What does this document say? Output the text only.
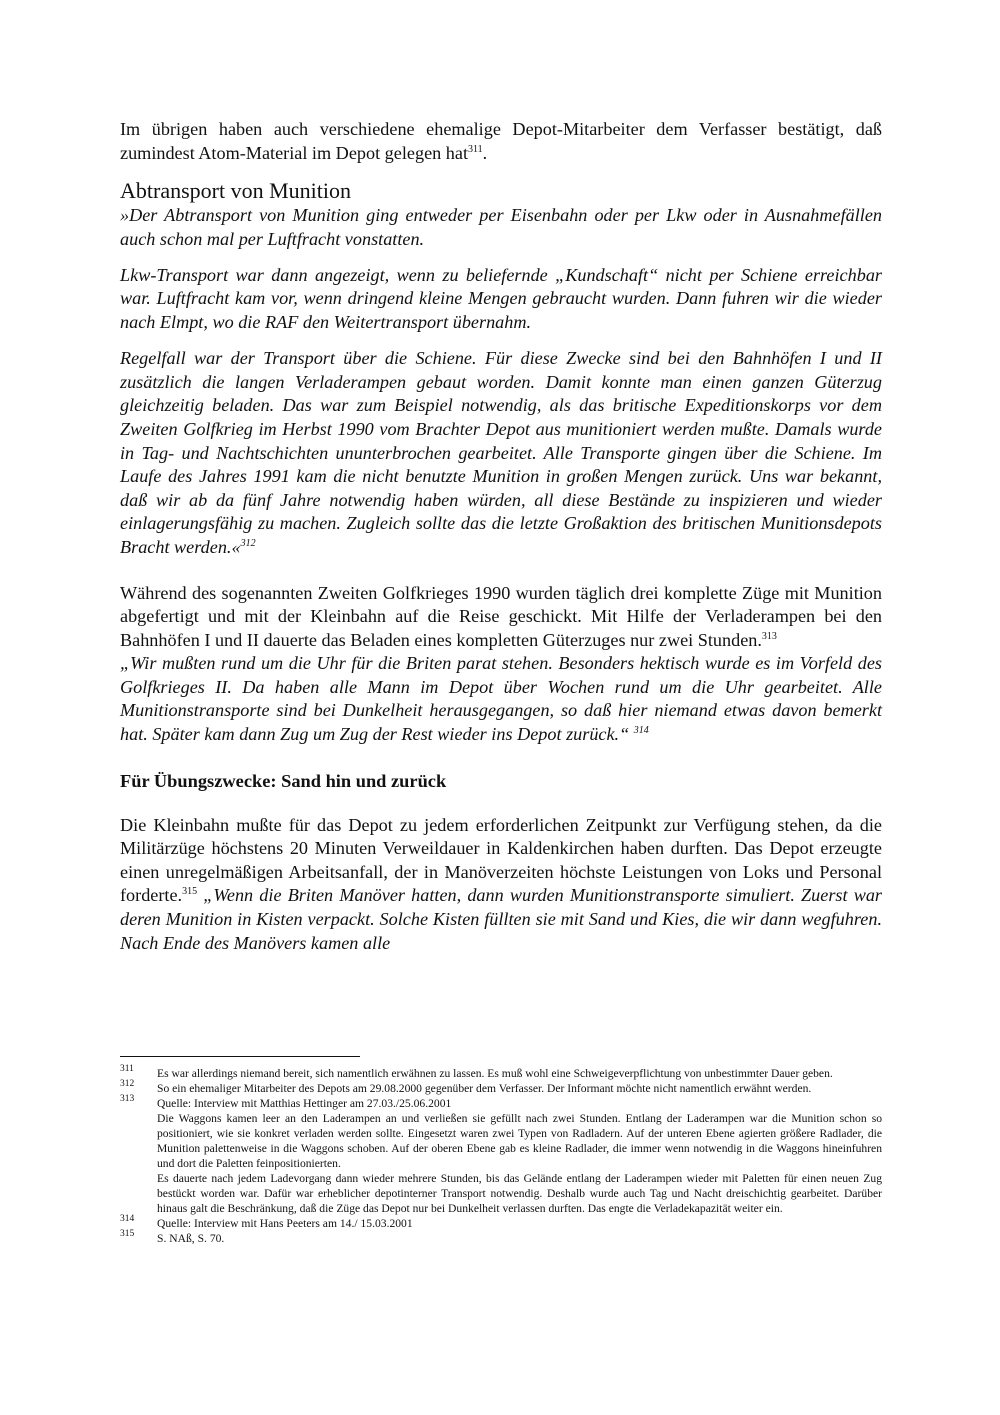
Im übrigen haben auch verschiedene ehemalige Depot-Mitarbeiter dem Verfasser bestätigt, daß zumindest Atom-Material im Depot gelegen hat$^{311}$.

Abtransport von Munition

»Der Abtransport von Munition ging entweder per Eisenbahn oder per Lkw oder in Ausnahmefällen auch schon mal per Luftfracht vonstatten.

Lkw-Transport war dann angezeigt, wenn zu beliefernde „Kundschaft“ nicht per Schiene erreichbar war. Luftfracht kam vor, wenn dringend kleine Mengen gebraucht wurden. Dann fuhren wir die wieder nach Elmpt, wo die RAF den Weitertransport übernahm.

Regelfall war der Transport über die Schiene. Für diese Zwecke sind bei den Bahnhöfen I und II zusätzlich die langen Verladerampen gebaut worden. Damit konnte man einen ganzen Güterzug gleichzeitig beladen. Das war zum Beispiel notwendig, als das britische Expeditionskorps vor dem Zweiten Golfkrieg im Herbst 1990 vom Brachter Depot aus munitioniert werden mußte. Damals wurde in Tag- und Nachtschichten ununterbrochen gearbeitet. Alle Transporte gingen über die Schiene. Im Laufe des Jahres 1991 kam die nicht benutzte Munition in großen Mengen zurück. Uns war bekannt, daß wir ab da fünf Jahre notwendig haben würden, all diese Bestände zu inspizieren und wieder einlagerungsfähig zu machen. Zugleich sollte das die letzte Großaktion des britischen Munitionsdepots Bracht werden.«$^{312}$

Während des sogenannten Zweiten Golfkrieges 1990 wurden täglich drei komplette Züge mit Munition abgefertigt und mit der Kleinbahn auf die Reise geschickt. Mit Hilfe der Verladerampen bei den Bahnhöfen I und II dauerte das Beladen eines kompletten Güterzuges nur zwei Stunden.$^{313}$

„Wir mußten rund um die Uhr für die Briten parat stehen. Besonders hektisch wurde es im Vorfeld des Golfkrieges II. Da haben alle Mann im Depot über Wochen rund um die Uhr gearbeitet. Alle Munitionstransporte sind bei Dunkelheit herausgegangen, so daß hier niemand etwas davon bemerkt hat. Später kam dann Zug um Zug der Rest wieder ins Depot zurück.“ $^{314}$

Für Übungszwecke: Sand hin und zurück

Die Kleinbahn mußte für das Depot zu jedem erforderlichen Zeitpunkt zur Verfügung stehen, da die Militärzüge höchstens 20 Minuten Verweildauer in Kaldenkirchen haben durften. Das Depot erzeugte einen unregelmäßigen Arbeitsanfall, der in Manöverzeiten höchste Leistungen von Loks und Personal forderte.$^{315}$ „Wenn die Briten Manöver hatten, dann wurden Munitionstransporte simuliert. Zuerst war deren Munition in Kisten verpackt. Solche Kisten füllten sie mit Sand und Kies, die wir dann wegfuhren. Nach Ende des Manövers kamen alle

311 Es war allerdings niemand bereit, sich namentlich erwähnen zu lassen. Es muß wohl eine Schweigeverpflichtung von unbestimmter Dauer geben.

312 So ein ehemaliger Mitarbeiter des Depots am 29.08.2000 gegenüber dem Verfasser. Der Informant möchte nicht namentlich erwähnt werden.

313 Quelle: Interview mit Matthias Hettinger am 27.03./25.06.2001

Die Waggons kamen leer an den Laderampen an und verließen sie gefüllt nach zwei Stunden. Entlang der Laderampen war die Munition schon so positioniert, wie sie konkret verladen werden sollte. Eingesetzt waren zwei Typen von Radladern. Auf der unteren Ebene agierten größere Radlader, die Munition palettenweise in die Waggons schoben. Auf der oberen Ebene gab es kleine Radlader, die immer wenn notwendig in die Waggons hineinfuhren und dort die Paletten feinpositionierten.

Es dauerte nach jedem Ladevorgang dann wieder mehrere Stunden, bis das Gelände entlang der Laderampen wieder mit Paletten für einen neuen Zug bestückt worden war. Dafür war erheblicher depotinterner Transport notwendig. Deshalb wurde auch Tag und Nacht dreischichtig gearbeitet. Darüber hinaus galt die Beschränkung, daß die Züge das Depot nur bei Dunkelheit verlassen durften. Das engte die Verladekapazität weiter ein.

314 Quelle: Interview mit Hans Peeters am 14./ 15.03.2001

315 S. NAß, S. 70.
